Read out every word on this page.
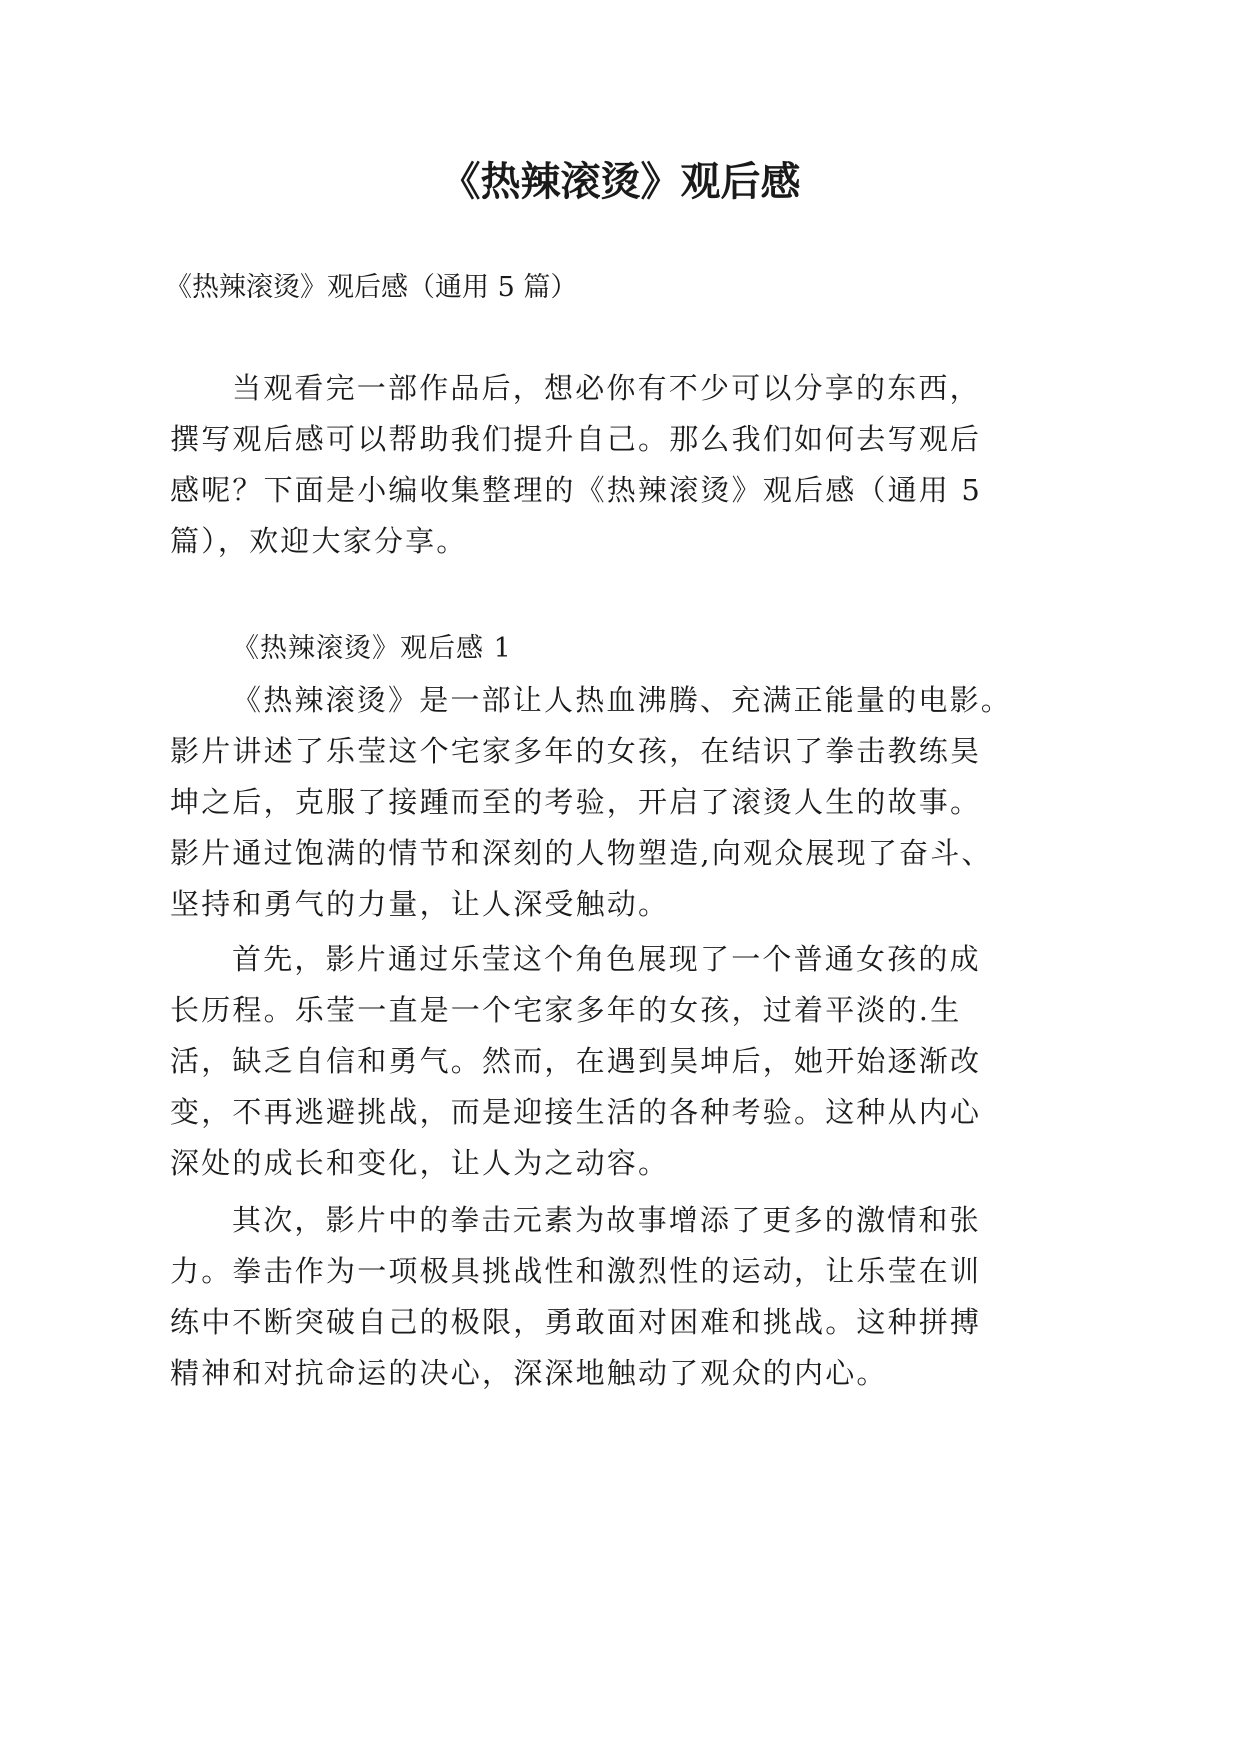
《热辣滚烫》观后感
《热辣滚烫》观后感（通用 5 篇）
当观看完一部作品后，想必你有不少可以分享的东西，
撰写观后感可以帮助我们提升自己。那么我们如何去写观后
感呢？下面是小编收集整理的《热辣滚烫》观后感（通用 5
篇），欢迎大家分享。
《热辣滚烫》观后感 1
《热辣滚烫》是一部让人热血沸腾、充满正能量的电影。
影片讲述了乐莹这个宅家多年的女孩，在结识了拳击教练昊
坤之后，克服了接踵而至的考验，开启了滚烫人生的故事。
影片通过饱满的情节和深刻的人物塑造,向观众展现了奋斗、
坚持和勇气的力量，让人深受触动。
首先，影片通过乐莹这个角色展现了一个普通女孩的成
长历程。乐莹一直是一个宅家多年的女孩，过着平淡的.生
活，缺乏自信和勇气。然而，在遇到昊坤后，她开始逐渐改
变，不再逃避挑战，而是迎接生活的各种考验。这种从内心
深处的成长和变化，让人为之动容。
其次，影片中的拳击元素为故事增添了更多的激情和张
力。拳击作为一项极具挑战性和激烈性的运动，让乐莹在训
练中不断突破自己的极限，勇敢面对困难和挑战。这种拼搏
精神和对抗命运的决心，深深地触动了观众的内心。
